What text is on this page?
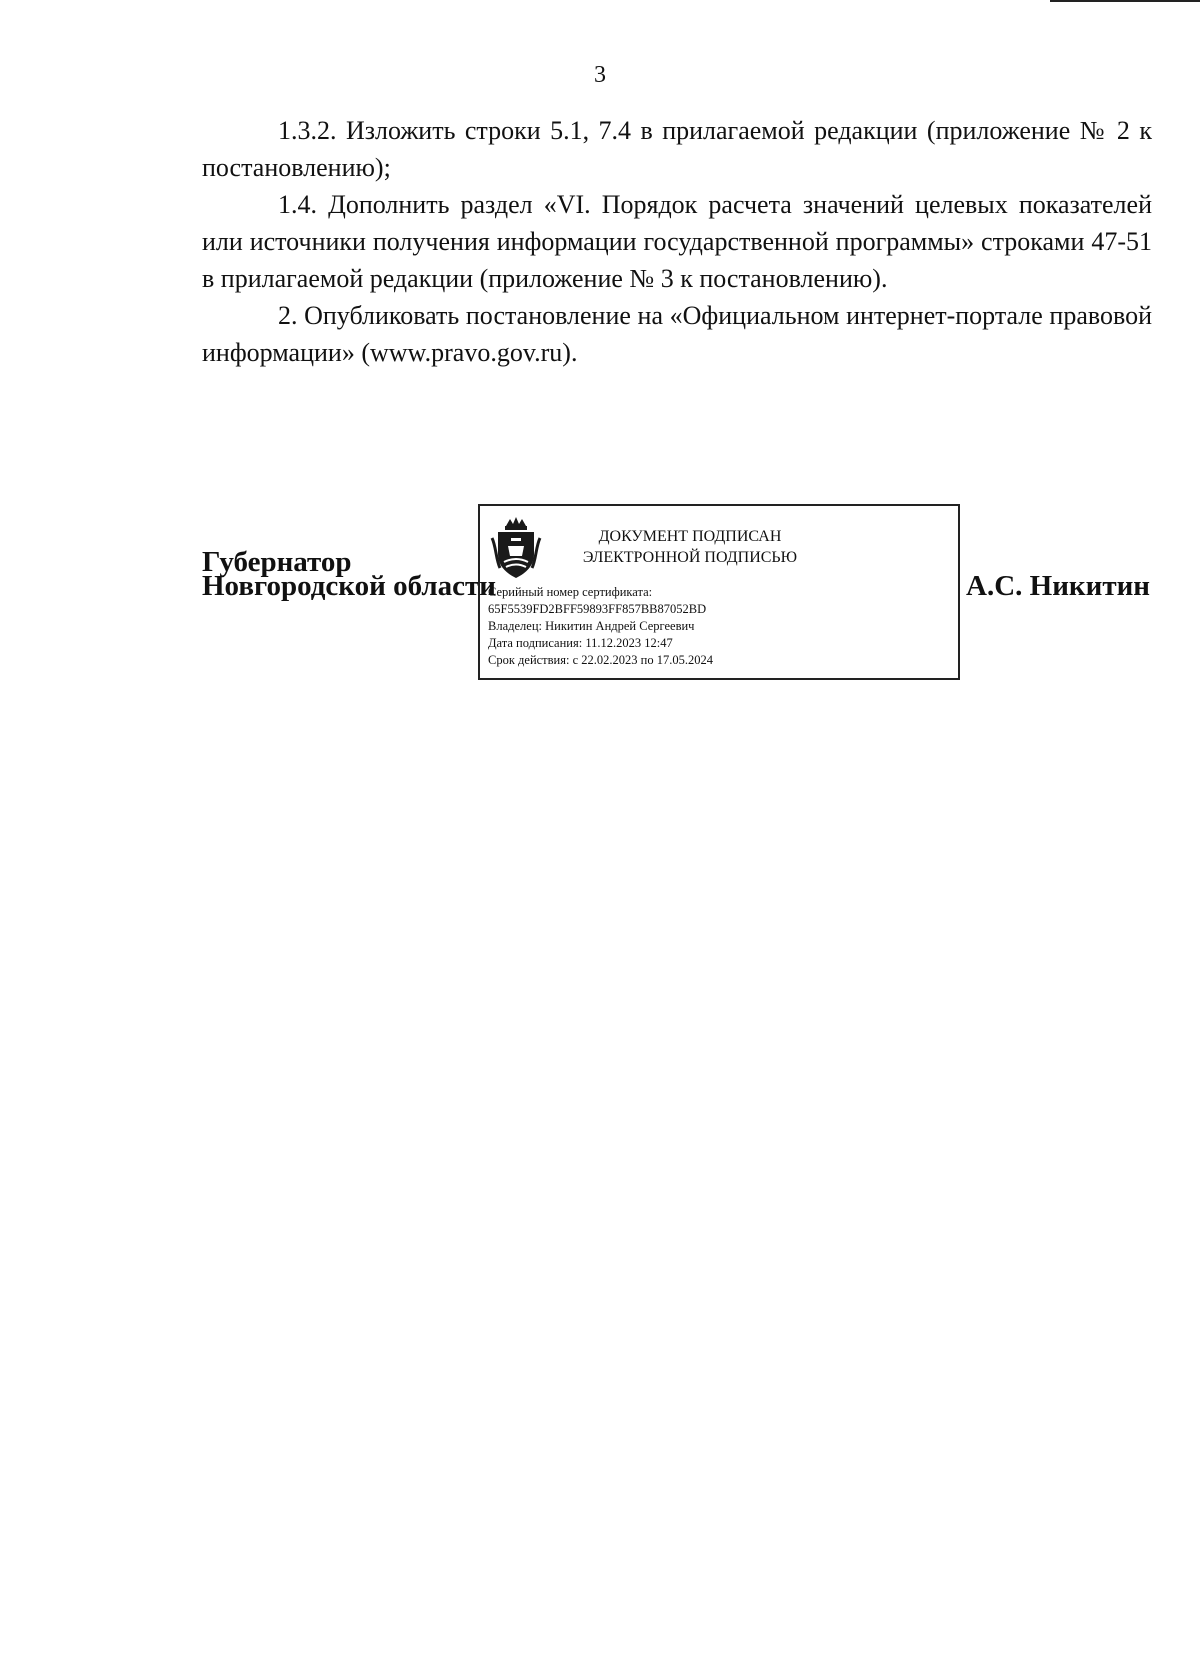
3

1.3.2. Изложить строки 5.1, 7.4 в прилагаемой редакции (приложение № 2 к постановлению);

1.4. Дополнить раздел «VI. Порядок расчета значений целевых показателей или источники получения информации государственной программы» строками 47-51 в прилагаемой редакции (приложение № 3 к постановлению).

2. Опубликовать постановление на «Официальном интернет-портале правовой информации» (www.pravo.gov.ru).

Губернатор
Новгородской области
ДОКУМЕНТ ПОДПИСАН
ЭЛЕКТРОННОЙ ПОДПИСЬЮ
Серийный номер сертификата:
65F5539FD2BFF59893FF857BB87052BD
Владелец: Никитин Андрей Сергеевич
Дата подписания: 11.12.2023 12:47
Срок действия: с 22.02.2023 по 17.05.2024
А.С. Никитин
